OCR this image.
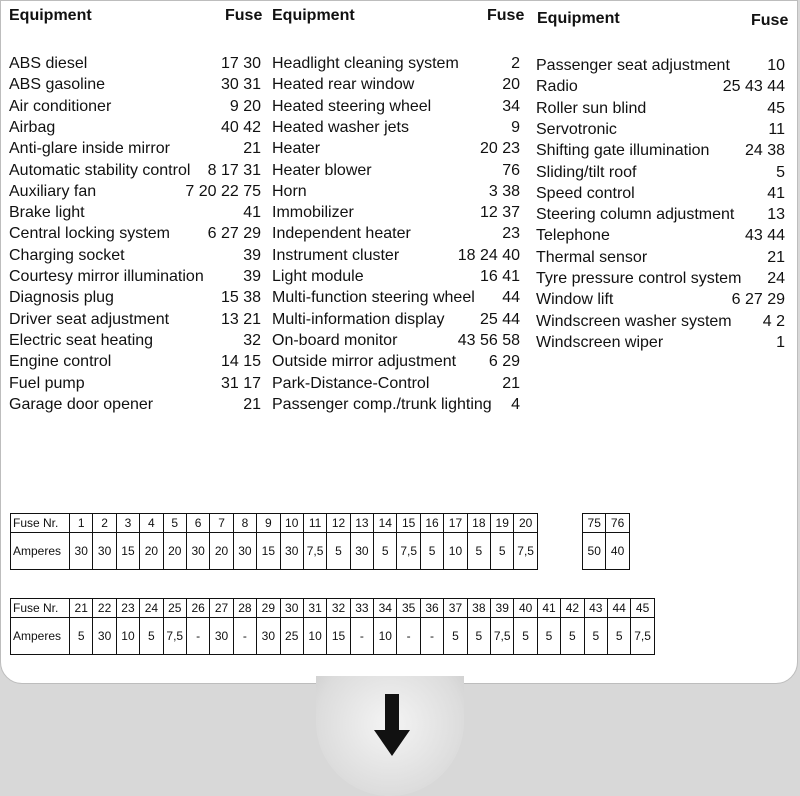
Equipment	Fuse Equipment	Fuse Equipment	Fuse
ABS diesel	17 30
ABS gasoline	30 31
Air conditioner	9 20
Airbag	40 42
Anti-glare inside mirror	21
Automatic stability control 8 17 31
Auxiliary fan	7 20 22 75
Brake light	41
Central locking system 6 27 29
Charging socket	39
Courtesy mirror illumination 39
Diagnosis plug	15 38
Driver seat adjustment	13 21
Electric seat heating	32
Engine control	14 15
Fuel pump	31 17
Garage door opener	21
Headlight cleaning system	2
Heated rear window	20
Heated steering wheel	34
Heated washer jets	9
Heater	20 23
Heater blower	76
Horn	3 38
Immobilizer	12 37
Independent heater	23
Instrument cluster	18 24 40
Light module	16 41
Multi-function steering wheel 44
Multi-information display 25 44
On-board monitor	43 56 58
Outside mirror adjustment 6 29
Park-Distance-Control	21
Passenger comp./trunk lighting 4
Passenger seat adjustment 10
Radio	25 43 44
Roller sun blind	45
Servotronic	11
Shifting gate illumination 24 38
Sliding/tilt roof	5
Speed control	41
Steering column adjustment 13
Telephone	43 44
Thermal sensor	21
Tyre pressure control system 24
Window lift	6 27 29
Windscreen washer system 4 2
Windscreen wiper	1
Fuse Nr.	1	2	3	4	5	6	7	8	9	10	11	12	13	14	15	16	17	18	19	20
Amperes	30	30	15	20	20	30	20	30	15	30	7,5	5	30	5	7,5	5	10	5	5	7,5
75	76
50	40
Fuse Nr.	21	22	23	24	25	26	27	28	29	30	31	32	33	34	35	36	37	38	39	40	41	42	43	44	45
Amperes	5	30	10	5	7,5	-	30	-	30	25	10	15	-	10	-	-	5	5	7,5	5	5	5	5	5	7,5
